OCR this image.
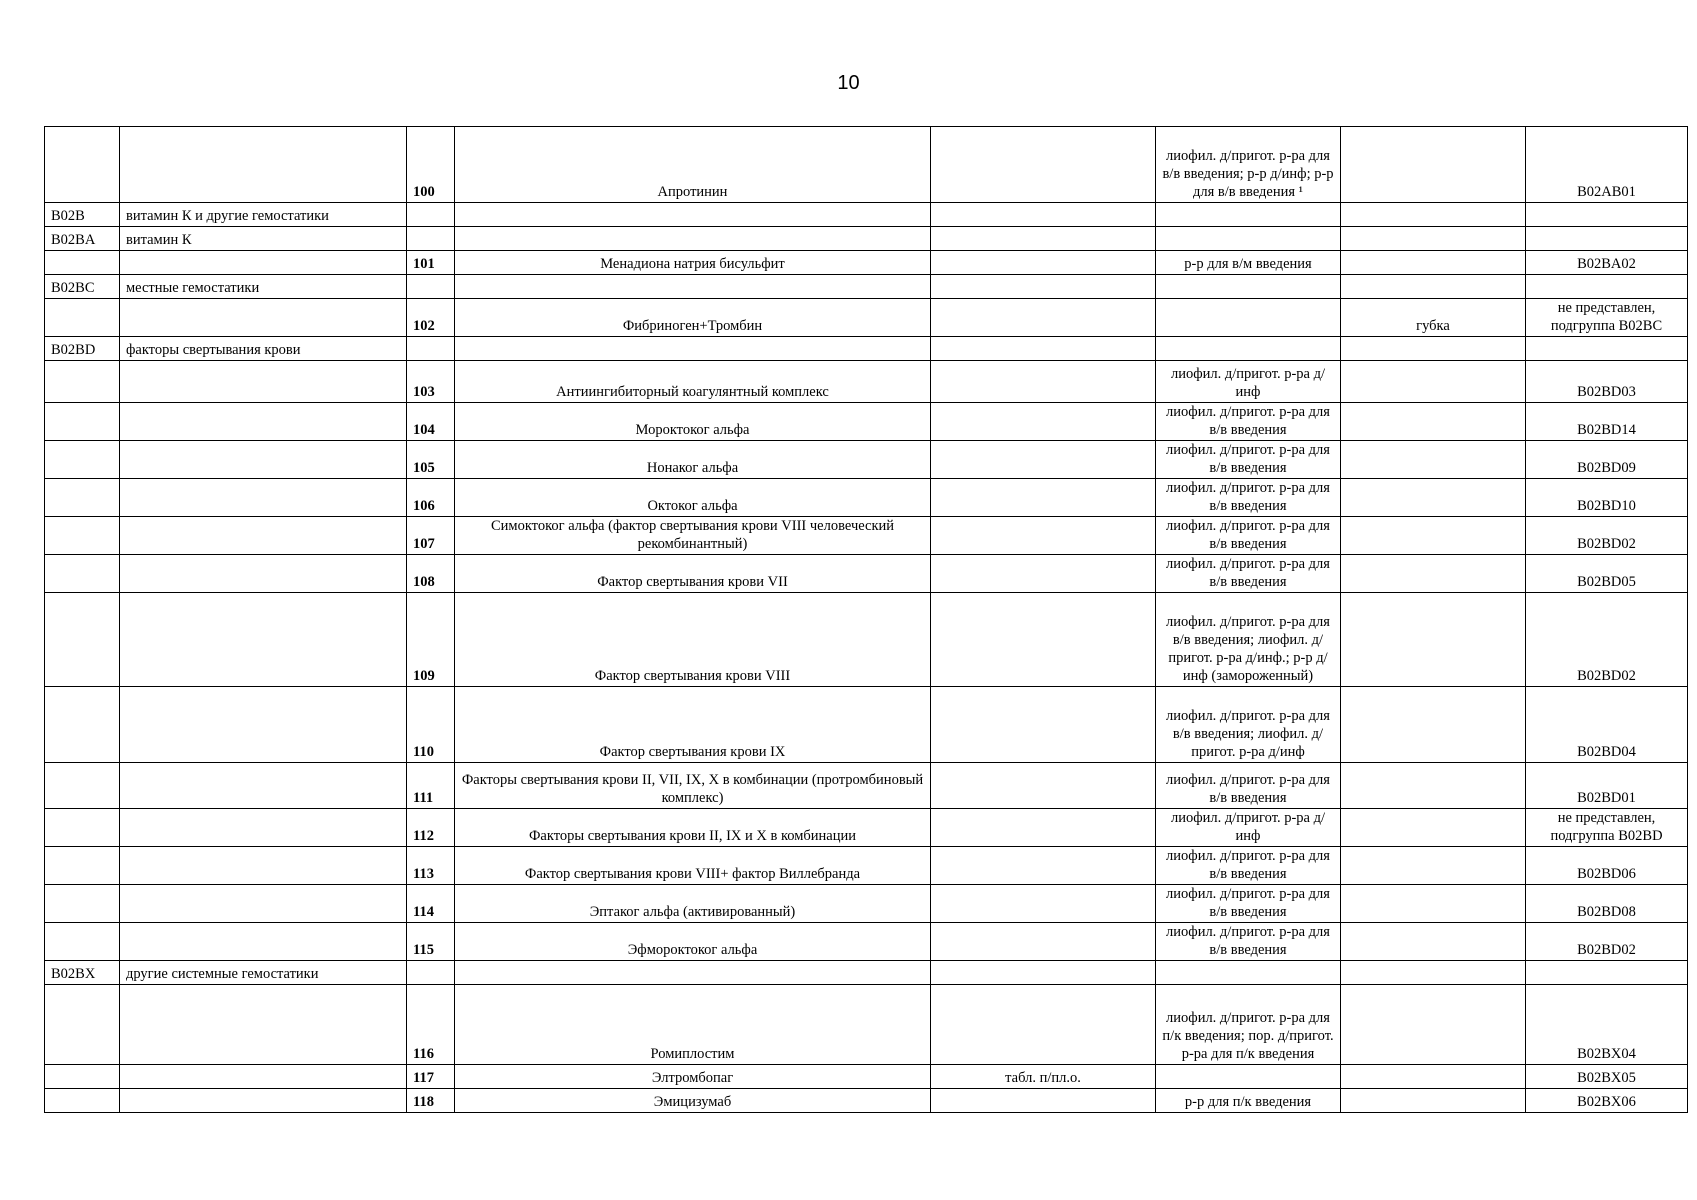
10
		100	Апротинин		лиофил. д/пригот. р-ра для в/в введения; р-р д/инф; р-р для в/в введения ¹		B02AB01
B02B	витамин К и другие гемостатики						
B02BA	витамин К						
		101	Менадиона натрия бисульфит		р-р для в/м введения		B02BA02
B02BC	местные гемостатики						
		102	Фибриноген+Тромбин			губка	не представлен, подгруппа B02BC
B02BD	факторы свертывания крови						
		103	Антиингибиторный коагулянтный комплекс		лиофил. д/пригот. р-ра д/инф		B02BD03
		104	Мороктоког альфа		лиофил. д/пригот. р-ра для в/в введения		B02BD14
		105	Нонаког альфа		лиофил. д/пригот. р-ра для в/в введения		B02BD09
		106	Октоког альфа		лиофил. д/пригот. р-ра для в/в введения		B02BD10
		107	Симоктоког альфа (фактор свертывания крови VIII человеческий рекомбинантный)		лиофил. д/пригот. р-ра для в/в введения		B02BD02
		108	Фактор свертывания крови VII		лиофил. д/пригот. р-ра для в/в введения		B02BD05
		109	Фактор свертывания крови VIII		лиофил. д/пригот. р-ра для в/в введения; лиофил. д/пригот. р-ра д/инф.; р-р д/инф (замороженный)		B02BD02
		110	Фактор свертывания крови IX		лиофил. д/пригот. р-ра для в/в введения; лиофил. д/пригот. р-ра д/инф		B02BD04
		111	Факторы свертывания крови II, VII, IX, X в комбинации (протромбиновый комплекс)		лиофил. д/пригот. р-ра для в/в введения		B02BD01
		112	Факторы свертывания крови II, IX и X в комбинации		лиофил. д/пригот. р-ра д/инф		не представлен, подгруппа B02BD
		113	Фактор свертывания крови VIII+ фактор Виллебранда		лиофил. д/пригот. р-ра для в/в введения		B02BD06
		114	Эптаког альфа (активированный)		лиофил. д/пригот. р-ра для в/в введения		B02BD08
		115	Эфмороктоког альфа		лиофил. д/пригот. р-ра для в/в введения		B02BD02
B02BX	другие системные гемостатики						
		116	Ромиплостим		лиофил. д/пригот. р-ра для п/к введения; пор. д/пригот. р-ра для п/к введения		B02BX04
		117	Элтромбопаг	табл. п/пл.о.			B02BX05
		118	Эмицизумаб		р-р для п/к введения		B02BX06
